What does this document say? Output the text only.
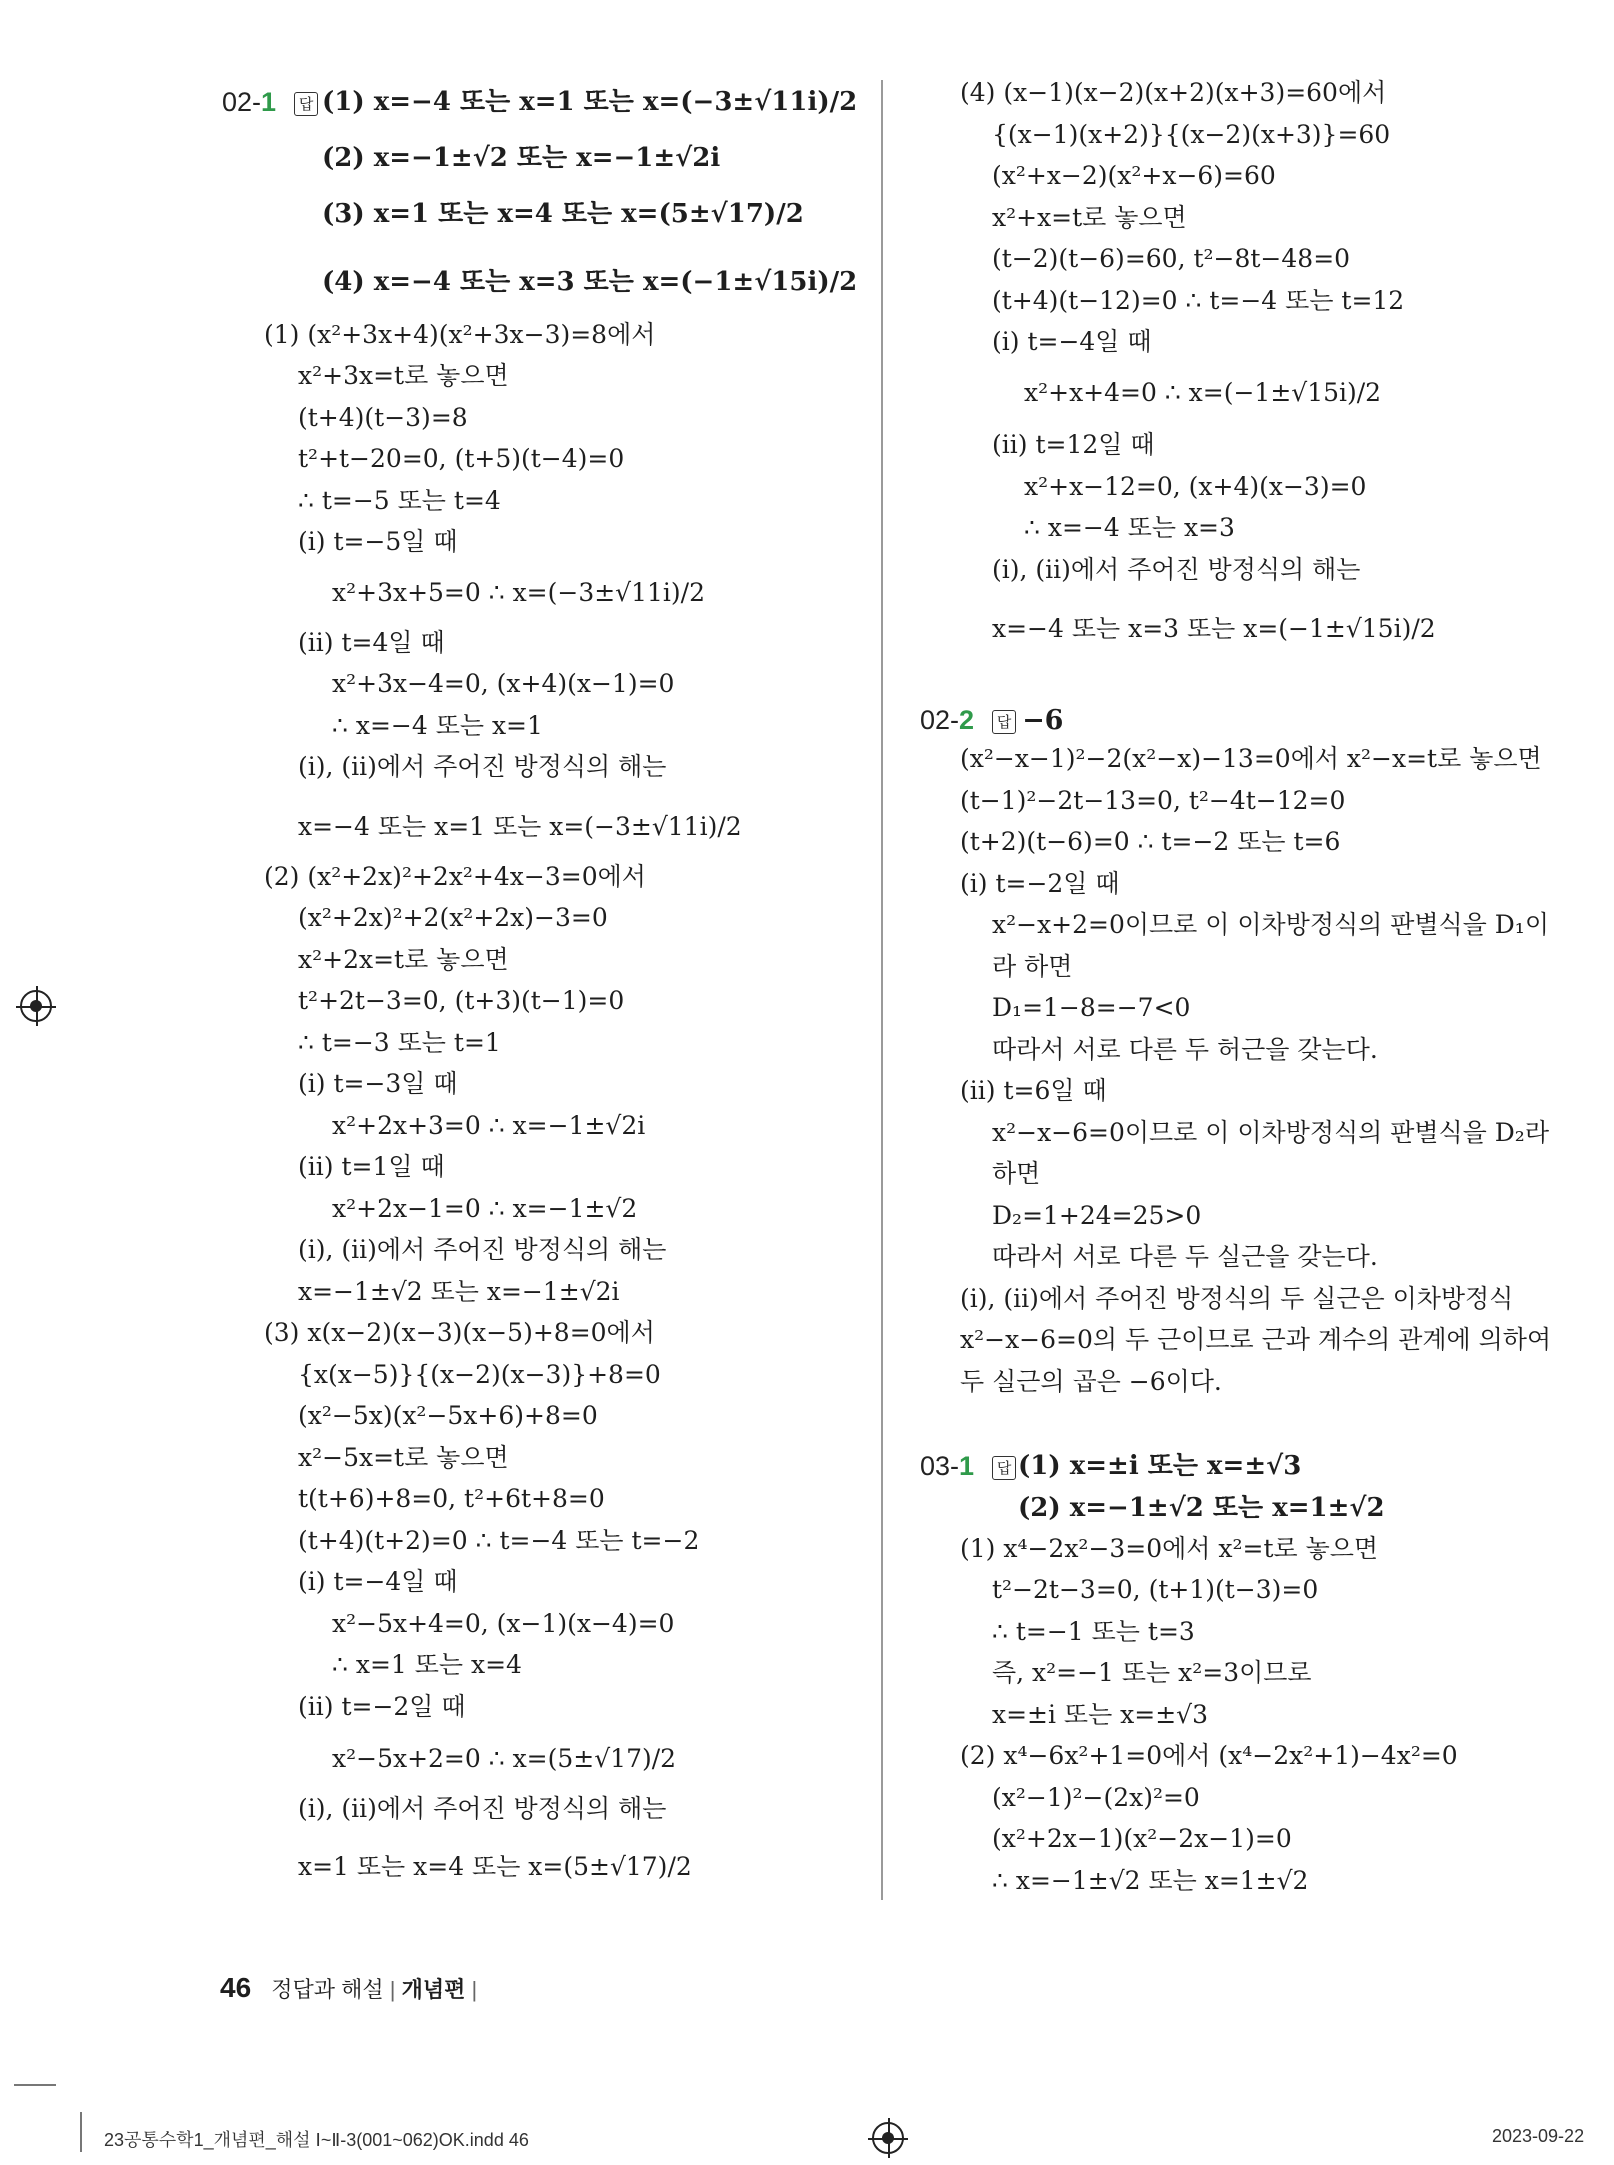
02-1 답 (1) x=−4 또는 x=1 또는 x=(−3±√11i)/2
(2) x=−1±√2 또는 x=−1±√2i
(3) x=1 또는 x=4 또는 x=(5±√17)/2
(4) x=−4 또는 x=3 또는 x=(−1±√15i)/2
(1) (x²+3x+4)(x²+3x−3)=8에서
x²+3x=t로 놓으면
(t+4)(t−3)=8
t²+t−20=0, (t+5)(t−4)=0
∴ t=−5 또는 t=4
(ⅰ) t=−5일 때
x²+3x+5=0 ∴ x=(−3±√11i)/2
(ⅱ) t=4일 때
x²+3x−4=0, (x+4)(x−1)=0
∴ x=−4 또는 x=1
(ⅰ), (ⅱ)에서 주어진 방정식의 해는
x=−4 또는 x=1 또는 x=(−3±√11i)/2
(2) (x²+2x)²+2x²+4x−3=0에서
(x²+2x)²+2(x²+2x)−3=0
x²+2x=t로 놓으면
t²+2t−3=0, (t+3)(t−1)=0
∴ t=−3 또는 t=1
(ⅰ) t=−3일 때
x²+2x+3=0 ∴ x=−1±√2i
(ⅱ) t=1일 때
x²+2x−1=0 ∴ x=−1±√2
(ⅰ), (ⅱ)에서 주어진 방정식의 해는
x=−1±√2 또는 x=−1±√2i
(3) x(x−2)(x−3)(x−5)+8=0에서
{x(x−5)}{(x−2)(x−3)}+8=0
(x²−5x)(x²−5x+6)+8=0
x²−5x=t로 놓으면
t(t+6)+8=0, t²+6t+8=0
(t+4)(t+2)=0 ∴ t=−4 또는 t=−2
(ⅰ) t=−4일 때
x²−5x+4=0, (x−1)(x−4)=0
∴ x=1 또는 x=4
(ⅱ) t=−2일 때
x²−5x+2=0 ∴ x=(5±√17)/2
(ⅰ), (ⅱ)에서 주어진 방정식의 해는
x=1 또는 x=4 또는 x=(5±√17)/2
(4) (x−1)(x−2)(x+2)(x+3)=60에서
{(x−1)(x+2)}{(x−2)(x+3)}=60
(x²+x−2)(x²+x−6)=60
x²+x=t로 놓으면
(t−2)(t−6)=60, t²−8t−48=0
(t+4)(t−12)=0 ∴ t=−4 또는 t=12
(ⅰ) t=−4일 때
x²+x+4=0 ∴ x=(−1±√15i)/2
(ⅱ) t=12일 때
x²+x−12=0, (x+4)(x−3)=0
∴ x=−4 또는 x=3
(ⅰ), (ⅱ)에서 주어진 방정식의 해는
x=−4 또는 x=3 또는 x=(−1±√15i)/2
02-2 답 −6
(x²−x−1)²−2(x²−x)−13=0에서 x²−x=t로 놓으면
(t−1)²−2t−13=0, t²−4t−12=0
(t+2)(t−6)=0 ∴ t=−2 또는 t=6
(ⅰ) t=−2일 때
x²−x+2=0이므로 이 이차방정식의 판별식을 D₁이
라 하면
D₁=1−8=−7<0
따라서 서로 다른 두 허근을 갖는다.
(ⅱ) t=6일 때
x²−x−6=0이므로 이 이차방정식의 판별식을 D₂라
하면
D₂=1+24=25>0
따라서 서로 다른 두 실근을 갖는다.
(ⅰ), (ⅱ)에서 주어진 방정식의 두 실근은 이차방정식
x²−x−6=0의 두 근이므로 근과 계수의 관계에 의하여
두 실근의 곱은 −6이다.
03-1 답 (1) x=±i 또는 x=±√3
(2) x=−1±√2 또는 x=1±√2
(1) x⁴−2x²−3=0에서 x²=t로 놓으면
t²−2t−3=0, (t+1)(t−3)=0
∴ t=−1 또는 t=3
즉, x²=−1 또는 x²=3이므로
x=±i 또는 x=±√3
(2) x⁴−6x²+1=0에서 (x⁴−2x²+1)−4x²=0
(x²−1)²−(2x)²=0
(x²+2x−1)(x²−2x−1)=0
∴ x=−1±√2 또는 x=1±√2
46 정답과 해설 | 개념편 |
23공통수학1_개념편_해설 Ⅰ~Ⅱ-3(001~062)OK.indd 46	2023-09-22
